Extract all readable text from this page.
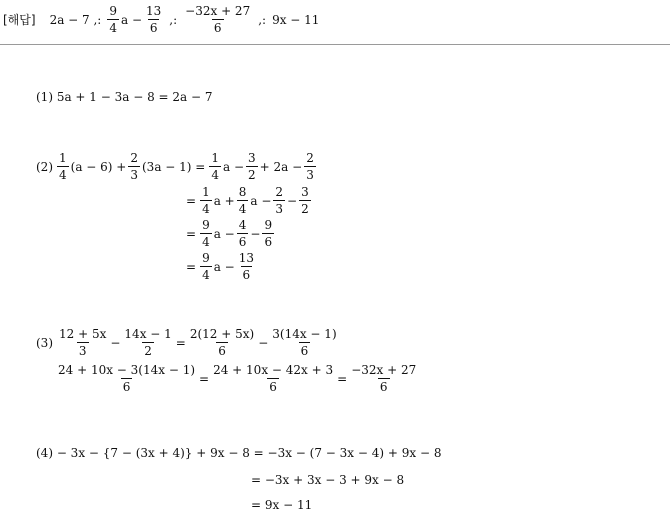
[해답] 2a − 7 ,: $\frac{9}{4}$ $a - \frac{13}{6}$ ,: $\frac{-32x + 27}{6}$ ,: 9x − 11
(1) 5a + 1 − 3a − 8 = 2a − 7
$(2) \frac{1}{4} (a - 6) + \frac{2}{3} (3a - 1) = \frac{1}{4}$ $a - \frac{3}{2} + 2a - \frac{2}{3}$
= $\frac{1}{4}$ $a + \frac{8}{4}$ $a - \frac{2}{3} - \frac{3}{2}$
= $\frac{9}{4}$ $a - \frac{4}{6} - \frac{9}{6}$
= $\frac{9}{4}$ $a - \frac{13}{6}$
$(3) \frac{12 + 5x}{3} - \frac{14x - 1}{2} = \frac{2(12 + 5x)}{6} - \frac{3(14x - 1)}{6}$
$\frac{24 + 10x - 3(14x - 1)}{6} = \frac{24 + 10x - 42x + 3}{6} = \frac{-32x + 27}{6}$
(4) − 3x − {7 − (3x + 4)} + 9x − 8 = −3x − (7 − 3x − 4) + 9x − 8
= −3x + 3x − 3 + 9x − 8
= 9x − 11
